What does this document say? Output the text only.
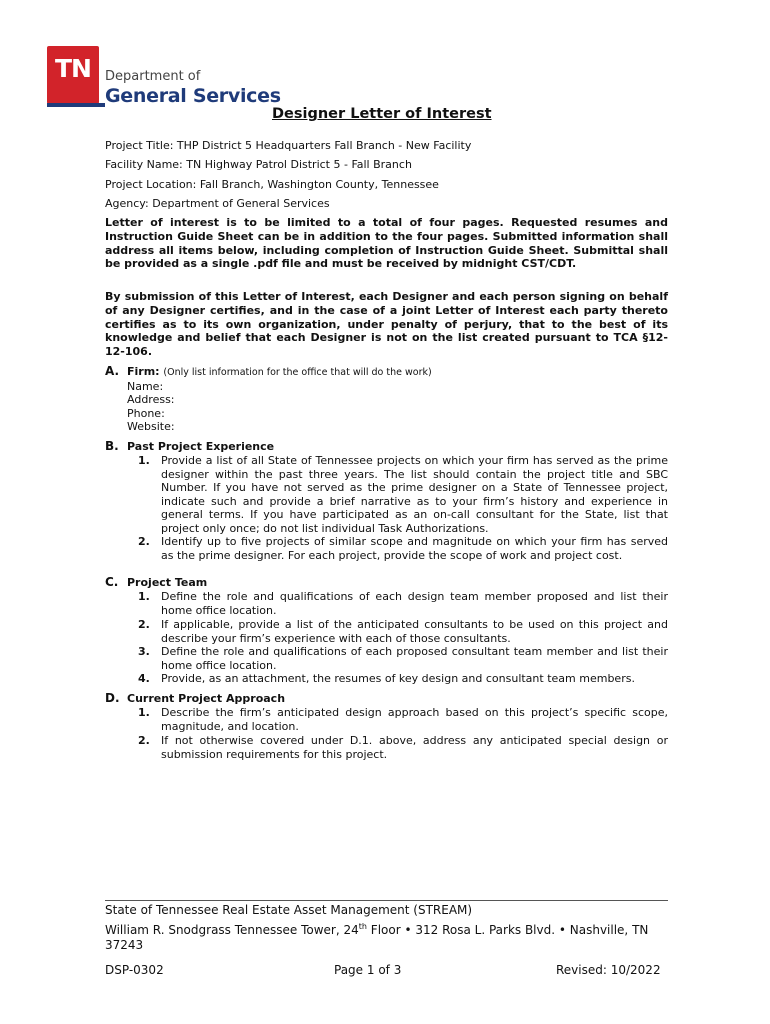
TN	Department of
General Services
Designer Letter of Interest
Project Title: THP District 5 Headquarters Fall Branch - New Facility
Facility Name: TN Highway Patrol District 5 - Fall Branch
Project Location: Fall Branch, Washington County, Tennessee
Agency: Department of General Services
Letter of interest is to be limited to a total of four pages. Requested resumes and Instruction Guide Sheet can be in addition to the four pages. Submitted information shall address all items below, including completion of Instruction Guide Sheet. Submittal shall be provided as a single .pdf file and must be received by midnight CST/CDT.
By submission of this Letter of Interest, each Designer and each person signing on behalf of any Designer certifies, and in the case of a joint Letter of Interest each party thereto certifies as to its own organization, under penalty of perjury, that to the best of its knowledge and belief that each Designer is not on the list created pursuant to TCA §12-12-106.
A. Firm: (Only list information for the office that will do the work)
Name:
Address:
Phone:
Website:
B. Past Project Experience
1. Provide a list of all State of Tennessee projects on which your firm has served as the prime designer within the past three years. The list should contain the project title and SBC Number. If you have not served as the prime designer on a State of Tennessee project, indicate such and provide a brief narrative as to your firm’s history and experience in general terms. If you have participated as an on-call consultant for the State, list that project only once; do not list individual Task Authorizations.
2. Identify up to five projects of similar scope and magnitude on which your firm has served as the prime designer. For each project, provide the scope of work and project cost.
C. Project Team
1. Define the role and qualifications of each design team member proposed and list their home office location.
2. If applicable, provide a list of the anticipated consultants to be used on this project and describe your firm’s experience with each of those consultants.
3. Define the role and qualifications of each proposed consultant team member and list their home office location.
4. Provide, as an attachment, the resumes of key design and consultant team members.
D. Current Project Approach
1. Describe the firm’s anticipated design approach based on this project’s specific scope, magnitude, and location.
2. If not otherwise covered under D.1. above, address any anticipated special design or submission requirements for this project.
State of Tennessee Real Estate Asset Management (STREAM)
William R. Snodgrass Tennessee Tower, 24th Floor • 312 Rosa L. Parks Blvd. • Nashville, TN 37243
DSP-0302	Page 1 of 3	Revised: 10/2022
